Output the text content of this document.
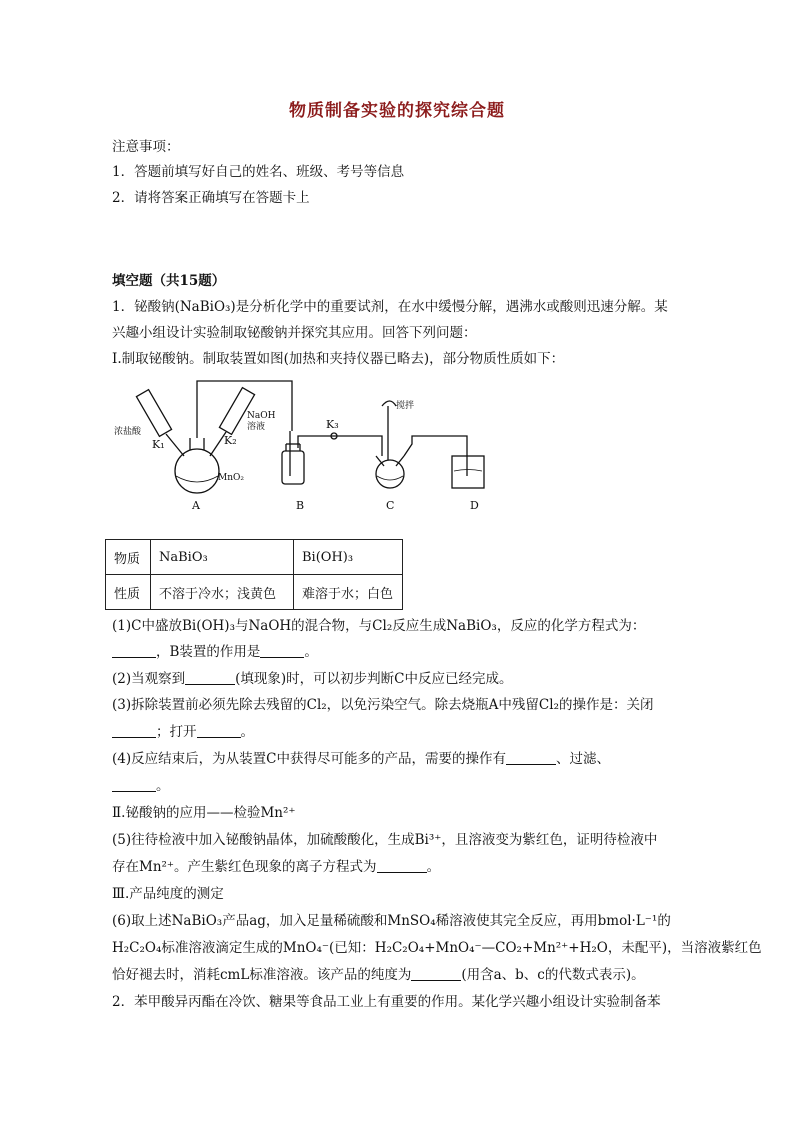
物质制备实验的探究综合题
注意事项：
1．答题前填写好自己的姓名、班级、考号等信息
2．请将答案正确填写在答题卡上
填空题（共15题）
1．铋酸钠(NaBiO₃)是分析化学中的重要试剂，在水中缓慢分解，遇沸水或酸则迅速分解。某
兴趣小组设计实验制取铋酸钠并探究其应用。回答下列问题：
Ⅰ.制取铋酸钠。制取装置如图(加热和夹持仪器已略去)，部分物质性质如下：
浓盐酸
K₁	K₂
NaOH
溶液
MnO₂
K₃
搅拌
A	B	C	D
物质	NaBiO₃	Bi(OH)₃
性质	不溶于冷水；浅黄色	难溶于水；白色
(1)C中盛放Bi(OH)₃与NaOH的混合物，与Cl₂反应生成NaBiO₃，反应的化学方程式为：
，B装置的作用是	。
(2)当观察到	(填现象)时，可以初步判断C中反应已经完成。
(3)拆除装置前必须先除去残留的Cl₂，以免污染空气。除去烧瓶A中残留Cl₂的操作是：关闭
；打开	。
(4)反应结束后，为从装置C中获得尽可能多的产品，需要的操作有	、过滤、
。
Ⅱ.铋酸钠的应用——检验Mn²⁺
(5)往待检液中加入铋酸钠晶体，加硫酸酸化，生成Bi³⁺，且溶液变为紫红色，证明待检液中
存在Mn²⁺。产生紫红色现象的离子方程式为	。
Ⅲ.产品纯度的测定
(6)取上述NaBiO₃产品ag，加入足量稀硫酸和MnSO₄稀溶液使其完全反应，再用bmol·L⁻¹的
H₂C₂O₄标准溶液滴定生成的MnO₄⁻(已知：H₂C₂O₄+MnO₄⁻—CO₂+Mn²⁺+H₂O，未配平)，当溶液紫红色
恰好褪去时，消耗cmL标准溶液。该产品的纯度为	(用含a、b、c的代数式表示)。
2．苯甲酸异丙酯在冷饮、糖果等食品工业上有重要的作用。某化学兴趣小组设计实验制备苯
